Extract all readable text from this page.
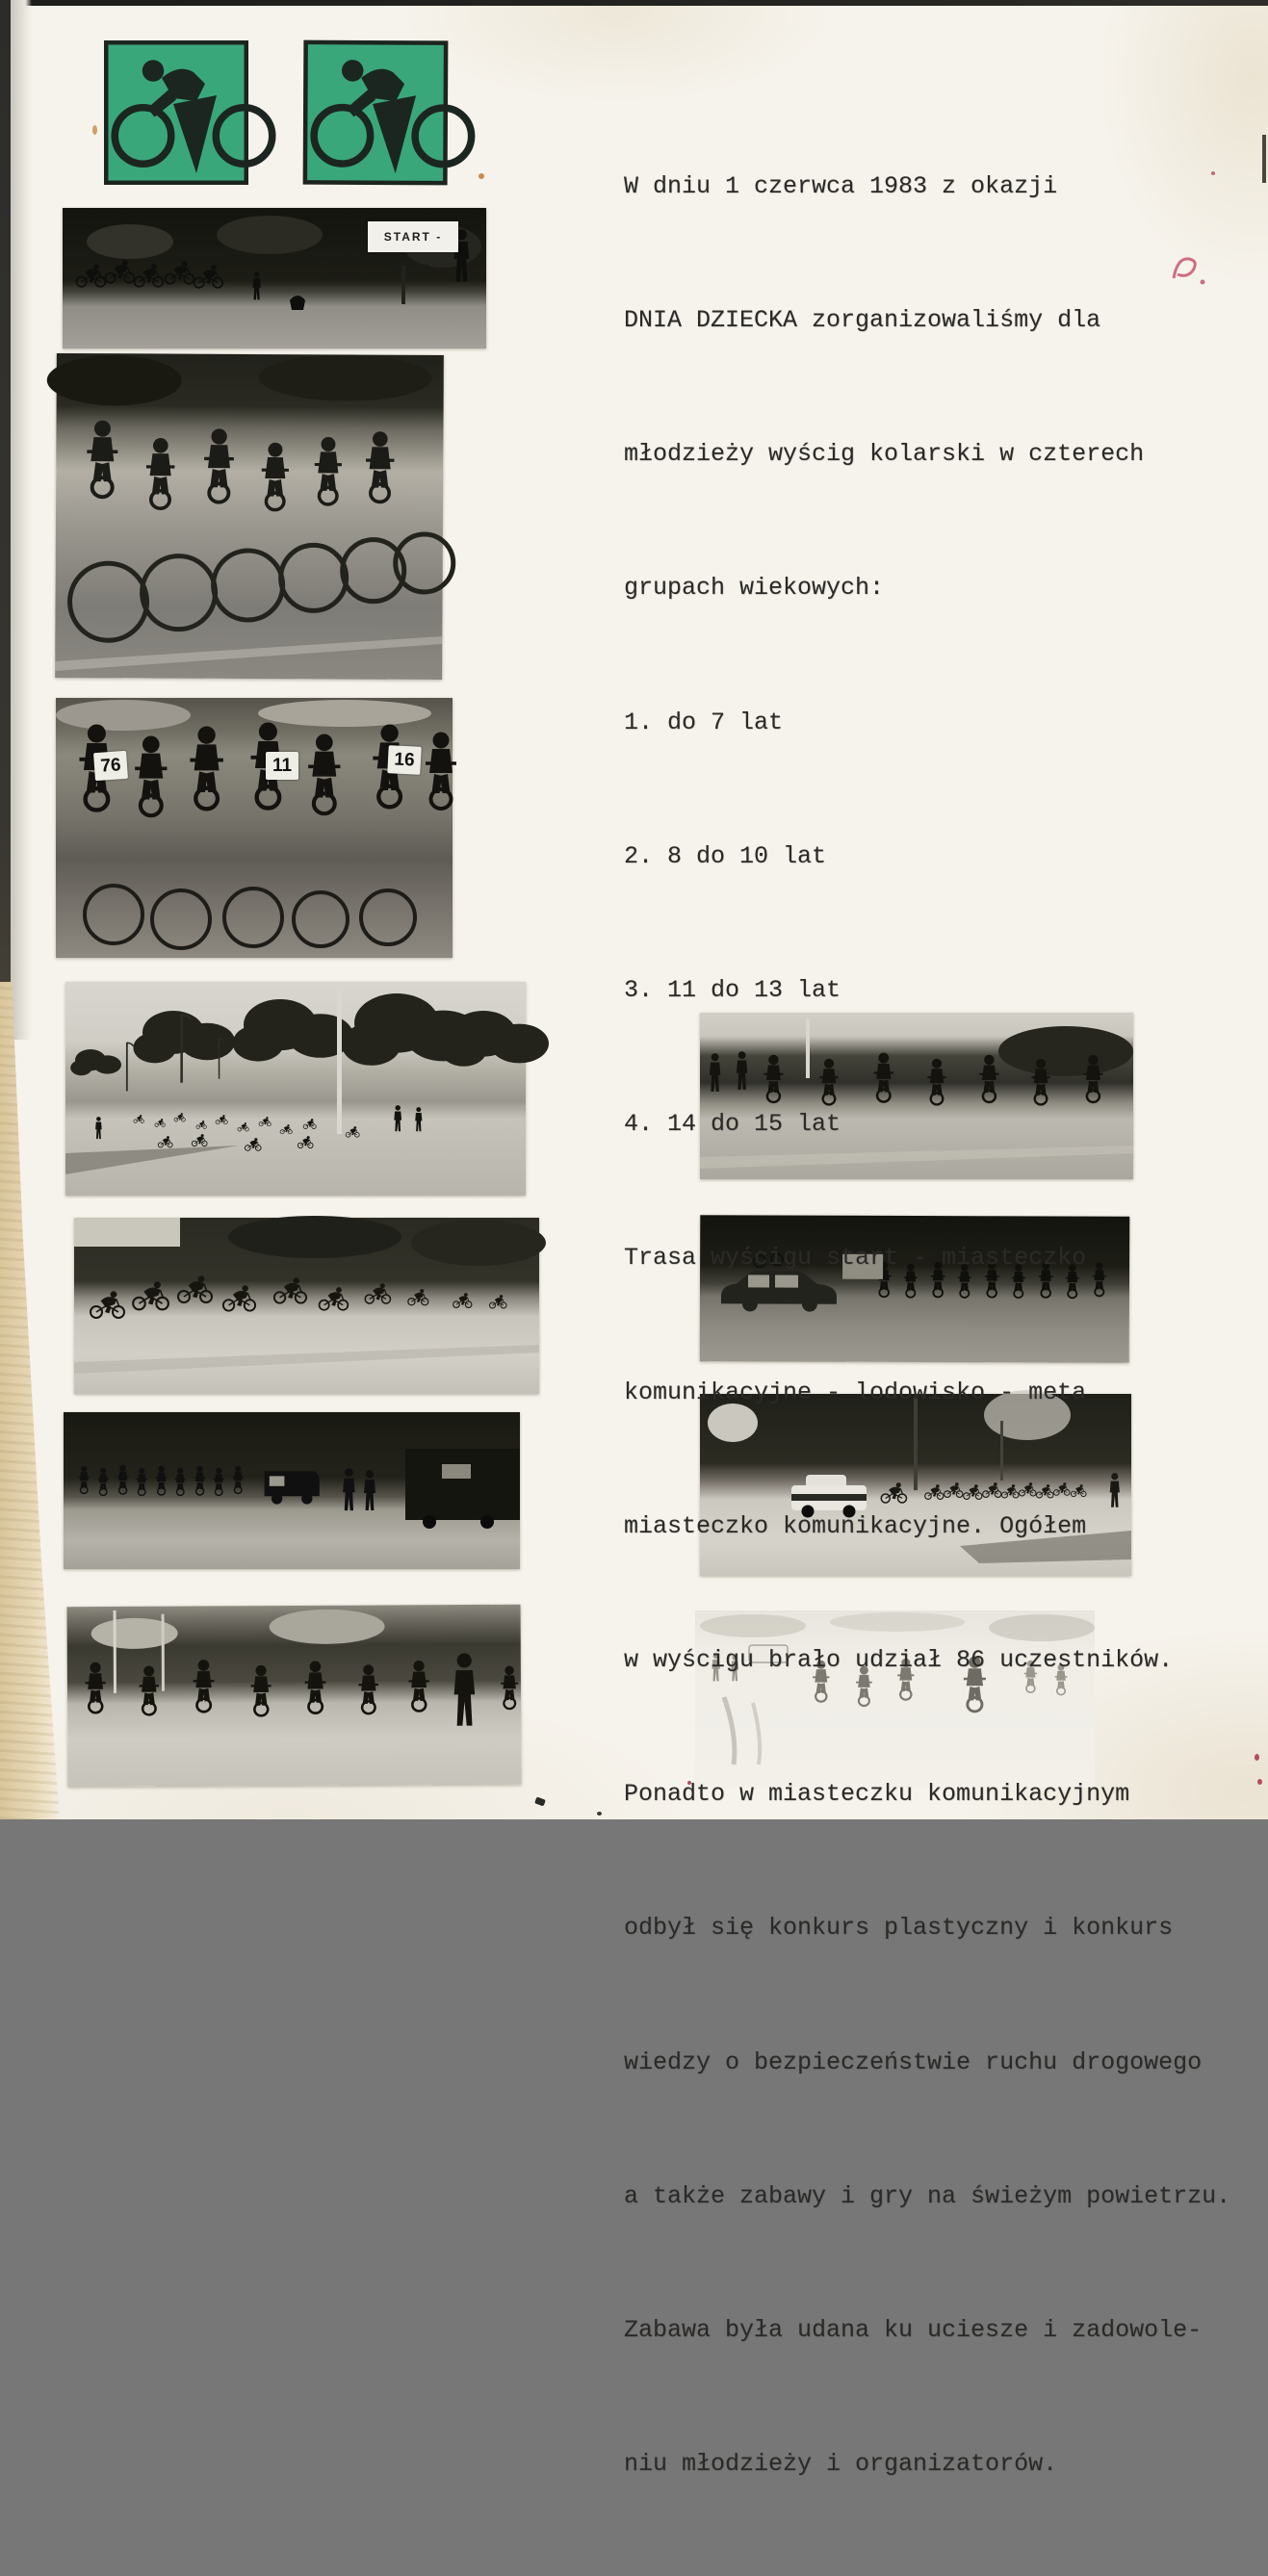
START - META
76	11	16

W dniu 1 czerwca 1983 z okazji

DNIA DZIECKA zorganizowaliśmy dla

młodzieży wyścig kolarski w czterech

grupach wiekowych:

1. do 7 lat

2. 8 do 10 lat

3. 11 do 13 lat

4. 14 do 15 lat

Trasa wyścigu start - miasteczko

komunikacyjne - lodowisko - meta

miasteczko komunikacyjne. Ogółem

w wyścigu brało udział 86 uczestników.

Ponadto w miasteczku komunikacyjnym

odbył się konkurs plastyczny i konkurs

wiedzy o bezpieczeństwie ruchu drogowego

a także zabawy i gry na świeżym powietrzu.

Zabawa była udana ku uciesze i zadowole-

niu młodzieży i organizatorów.
